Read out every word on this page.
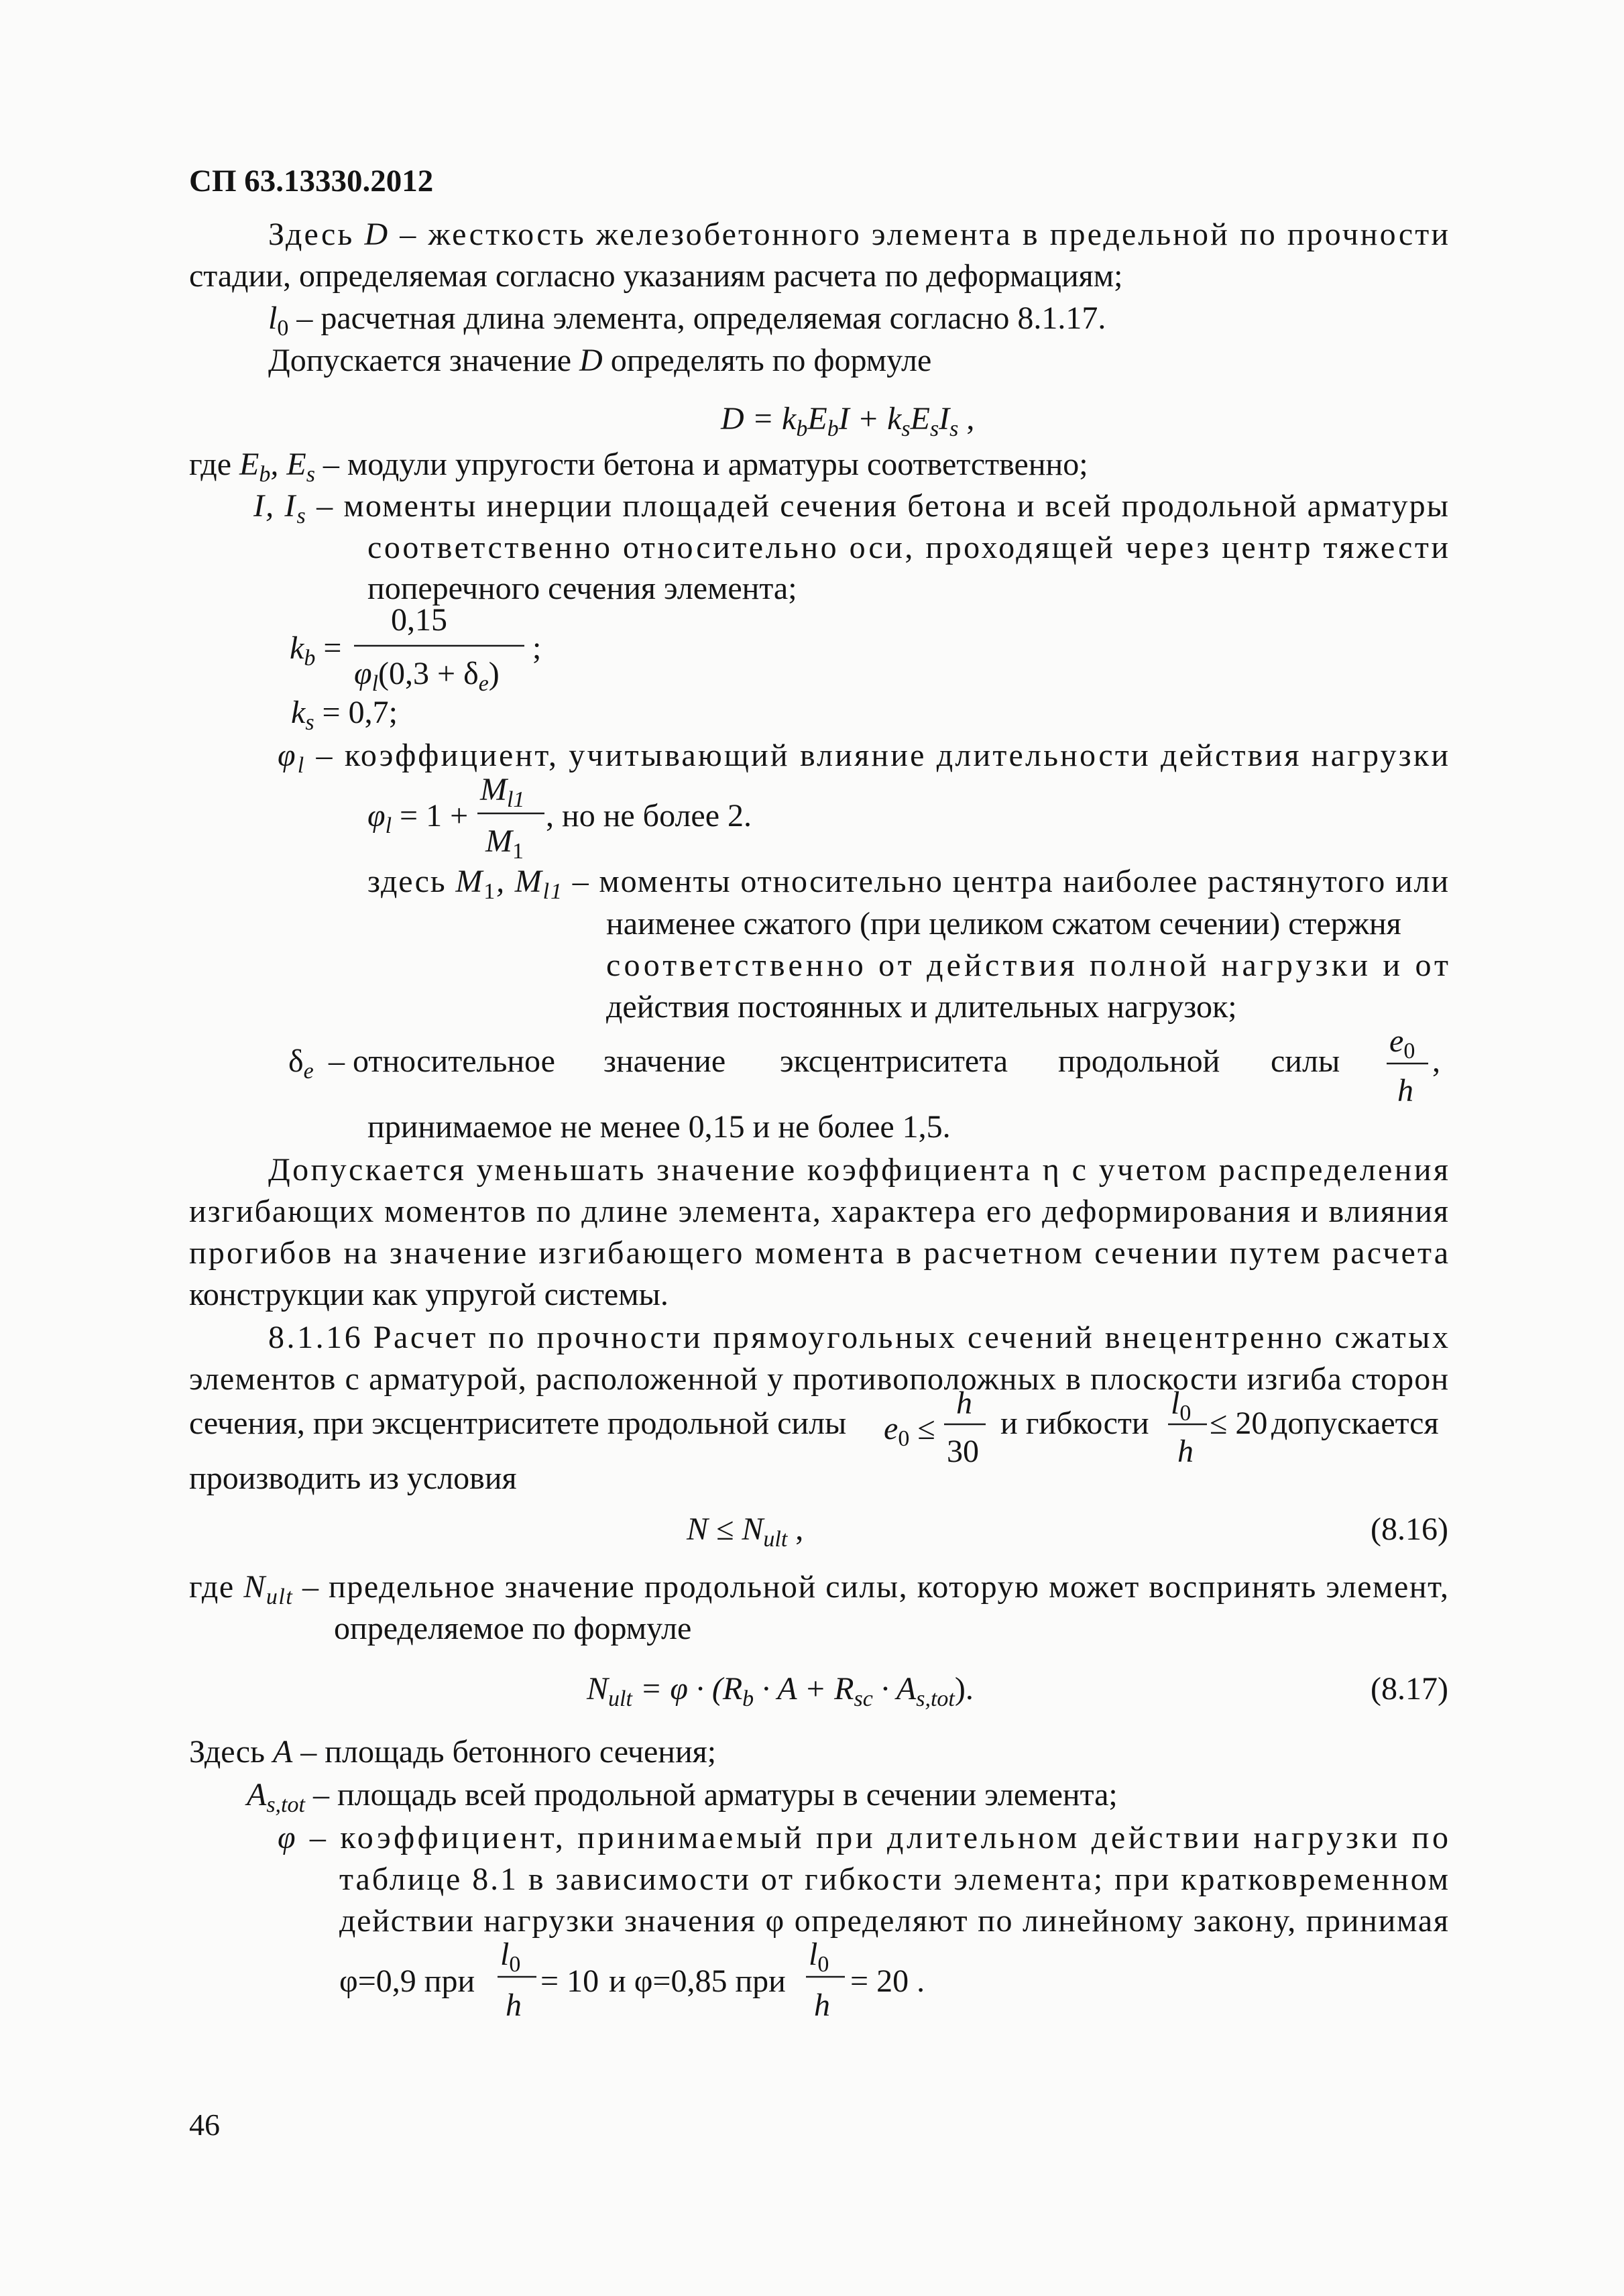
СП 63.13330.2012
Здесь D – жесткость железобетонного элемента в предельной по прочности
стадии, определяемая согласно указаниям расчета по деформациям;
$l_0$ – расчетная длина элемента, определяемая согласно 8.1.17.
Допускается значение D определять по формуле
$D = k_bE_bI + k_sE_sI_s$ ,
где $E_b$, $E_s$ – модули упругости бетона и арматуры соответственно;
I, $I_s$ – моменты инерции площадей сечения бетона и всей продольной арматуры
соответственно относительно оси, проходящей через центр тяжести
поперечного сечения элемента;
$k_b$ =
0,15
$\varphi_l(0,3 + \delta_e)$
;
$k_s = 0,7$;
$\varphi_l$ – коэффициент, учитывающий влияние длительности действия нагрузки
$\varphi_l = 1$ +
$M_{l1}$
$M_1$
, но не более 2.
здесь $M_1$, $M_{l1}$ – моменты относительно центра наиболее растянутого или
наименее сжатого (при целиком сжатом сечении) стержня
соответственно от действия полной нагрузки и от
действия постоянных и длительных нагрузок;
$\delta_e$ – относительное значение эксцентриситета продольной силы
$e_0$
h
,
принимаемое не менее 0,15 и не более 1,5.
Допускается уменьшать значение коэффициента η с учетом распределения
изгибающих моментов по длине элемента, характера его деформирования и влияния
прогибов на значение изгибающего момента в расчетном сечении путем расчета
конструкции как упругой системы.
8.1.16 Расчет по прочности прямоугольных сечений внецентренно сжатых
элементов с арматурой, расположенной у противоположных в плоскости изгиба сторон
сечения, при эксцентриситете продольной силы $e_0$ ≤
h
30
и гибкости
$l_0$
h
≤ 20 допускается
производить из условия
$N \le N_{ult}$ ,	(8.16)
где $N_{ult}$ – предельное значение продольной силы, которую может воспринять элемент,
определяемое по формуле
$N_{ult} = \varphi \cdot (R_b \cdot A + R_{sc} \cdot A_{s,tot})$.	(8.17)
Здесь A – площадь бетонного сечения;
$A_{s,tot}$ – площадь всей продольной арматуры в сечении элемента;
φ – коэффициент, принимаемый при длительном действии нагрузки по
таблице 8.1 в зависимости от гибкости элемента; при кратковременном
действии нагрузки значения φ определяют по линейному закону, принимая
φ=0,9 при
$l_0$
h
= 10 и φ=0,85 при
$l_0$
h
= 20 .
46
